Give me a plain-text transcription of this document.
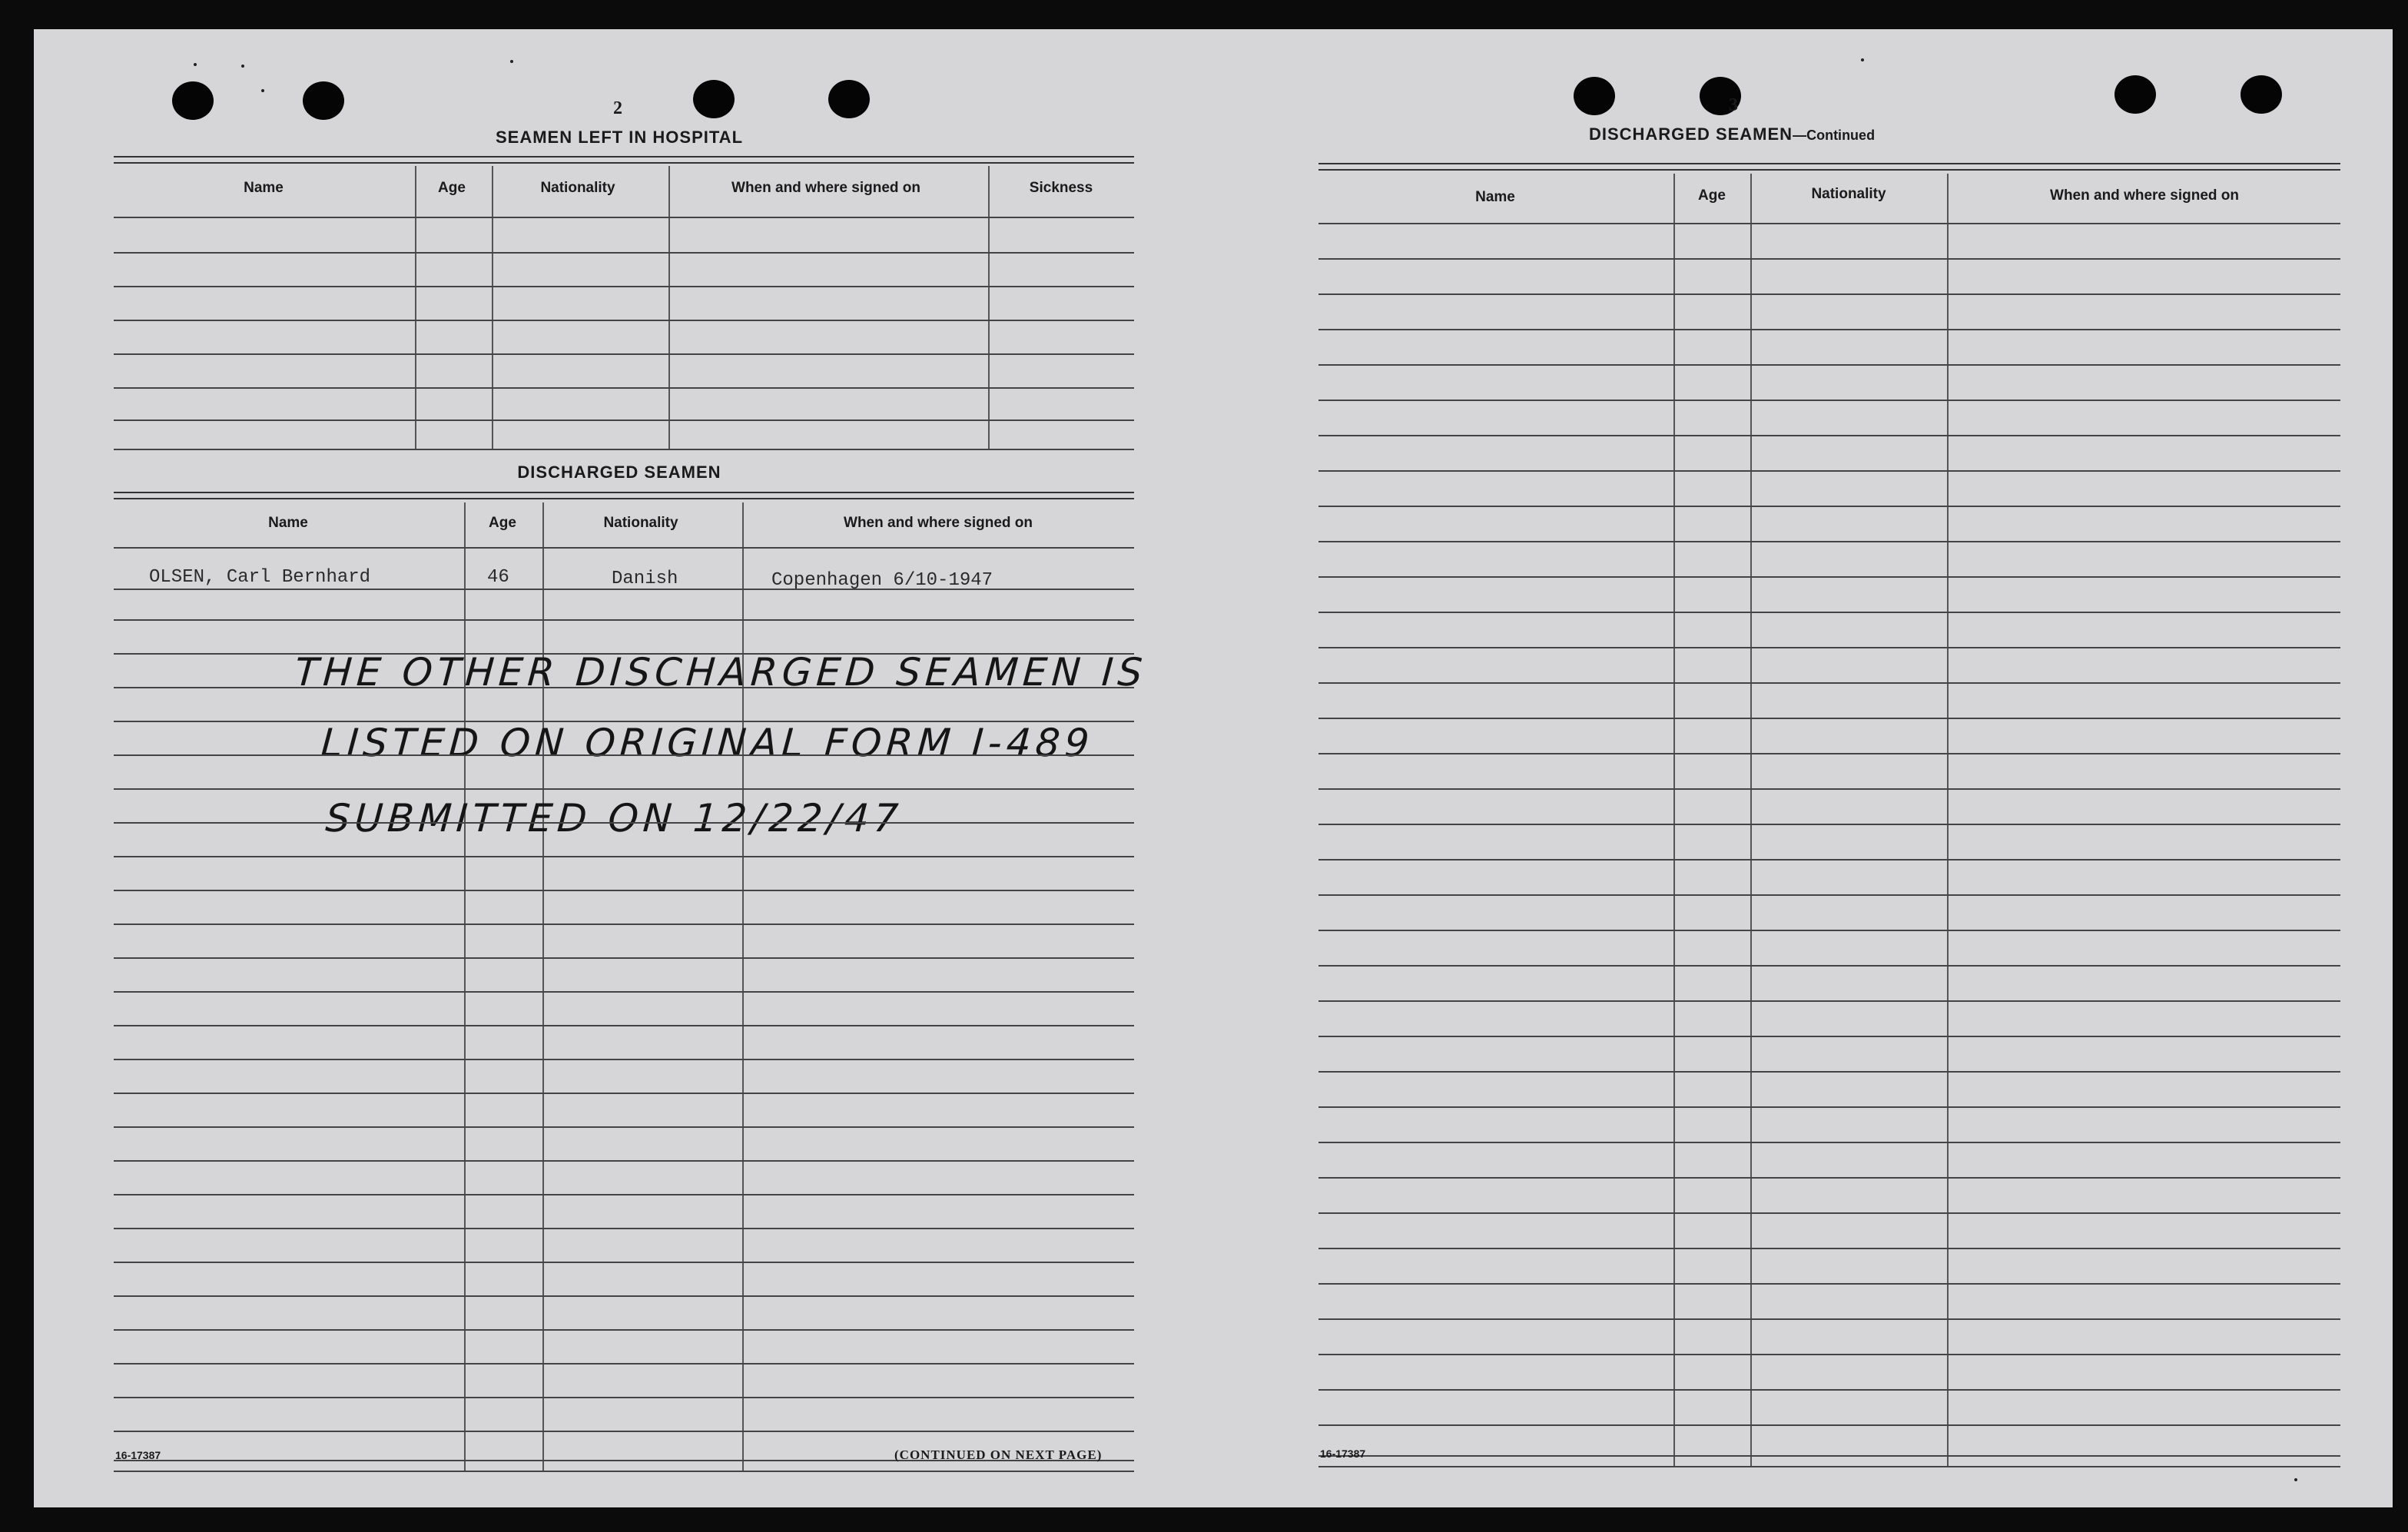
2
SEAMEN LEFT IN HOSPITAL
Name	Age	Nationality	When and where signed on	Sickness
DISCHARGED SEAMEN
Name	Age	Nationality	When and where signed on
OLSEN, Carl Bernhard	46	Danish	Copenhagen 6/10-1947
THE OTHER DISCHARGED SEAMEN IS
LISTED ON ORIGINAL FORM I-489
SUBMITTED ON 12/22/47
16-17387	(CONTINUED ON NEXT PAGE)
3
DISCHARGED SEAMEN—Continued
Name	Age	Nationality	When and where signed on
16-17387
